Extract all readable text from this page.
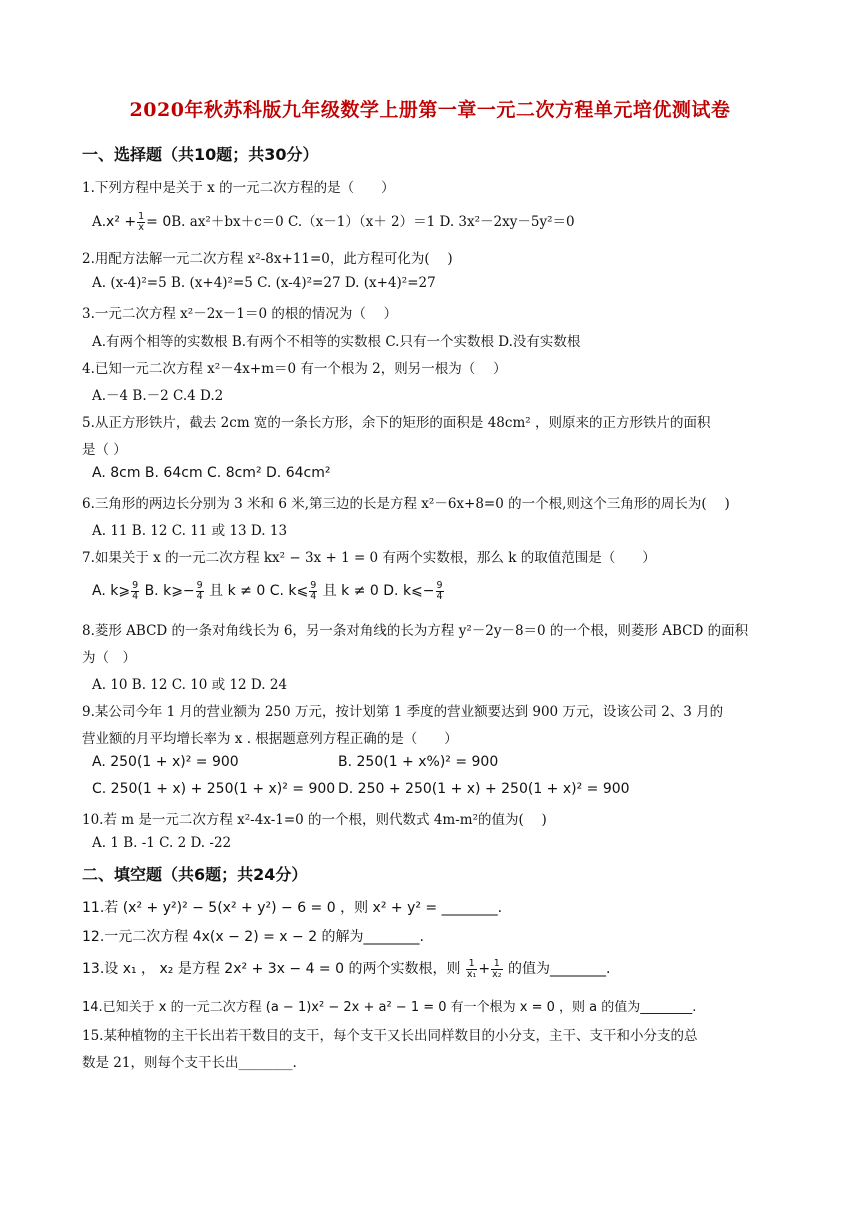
2020年秋苏科版九年级数学上册第一章一元二次方程单元培优测试卷
一、选择题（共10题；共30分）
1.下列方程中是关于 x 的一元二次方程的是（　　）
$A.x^2 + \frac{1}{x} = 0B$. ax²＋bx＋c＝0 C.（x－1）（x＋ 2）＝1 D. 3x²－2xy－5y²＝0
2.用配方法解一元二次方程 x²-8x+11=0，此方程可化为(　 )
A. (x-4)²=5 B. (x+4)²=5 C. (x-4)²=27 D. (x+4)²=27
3.一元二次方程 x²－2x－1＝0 的根的情况为（　 ）
A.有两个相等的实数根 B.有两个不相等的实数根 C.只有一个实数根 D.没有实数根
4.已知一元二次方程 x²－4x+m＝0 有一个根为 2，则另一根为（　 ）
A.－4 B.－2 C.4 D.2
5.从正方形铁片，截去 2cm 宽的一条长方形，余下的矩形的面积是 48cm² ，则原来的正方形铁片的面积
是（ ）
A. 8cm B. 64cm C. 8cm² D. 64cm²
6.三角形的两边长分别为 3 米和 6 米,第三边的长是方程 x²－6x+8=0 的一个根,则这个三角形的周长为(　 )
A. 11 B. 12 C. 11 或 13 D. 13
7.如果关于 x 的一元二次方程 kx² − 3x + 1 = 0 有两个实数根，那么 k 的取值范围是（　　）
A. k⩾ $\frac{9}{4} B$. k⩾− $\frac{9}{4}$ 且 k ≠ 0 C. k⩽ $\frac{9}{4}$ 且 k ≠ 0 D. k⩽− $\frac{9}{4}$
8.菱形 ABCD 的一条对角线长为 6，另一条对角线的长为方程 y²－2y－8＝0 的一个根，则菱形 ABCD 的面积
为（　）
A. 10 B. 12 C. 10 或 12 D. 24
9.某公司今年 1 月的营业额为 250 万元，按计划第 1 季度的营业额要达到 900 万元，设该公司 2、3 月的
营业额的月平均增长率为 x . 根据题意列方程正确的是（　　）
A. 250(1 + x)² = 900	B. 250(1 + x%)² = 900
C. 250(1 + x) + 250(1 + x)² = 900 D. 250 + 250(1 + x) + 250(1 + x)² = 900
10.若 m 是一元二次方程 x²-4x-1=0 的一个根，则代数式 4m-m²的值为(　 )
A. 1 B. -1 C. 2 D. -22
二、填空题（共6题；共24分）
11.若 (x² + y²)² − 5(x² + y²) − 6 = 0 ，则 x² + y² = ________.
12.一元二次方程 4x(x − 2) = x − 2 的解为________.
13.设 x₁ ， x₂ 是方程 2x² + 3x − 4 = 0 的两个实数根，则 $\frac{1}{\text{x₁}} + \frac{1}{\text{x₂}}$ 的值为________.
14.已知关于 x 的一元二次方程 (a − 1)x² − 2x + a² − 1 = 0 有一个根为 x = 0 ，则 a 的值为________.
15.某种植物的主干长出若干数目的支干，每个支干又长出同样数目的小分支，主干、支干和小分支的总
数是 21，则每个支干长出________.
